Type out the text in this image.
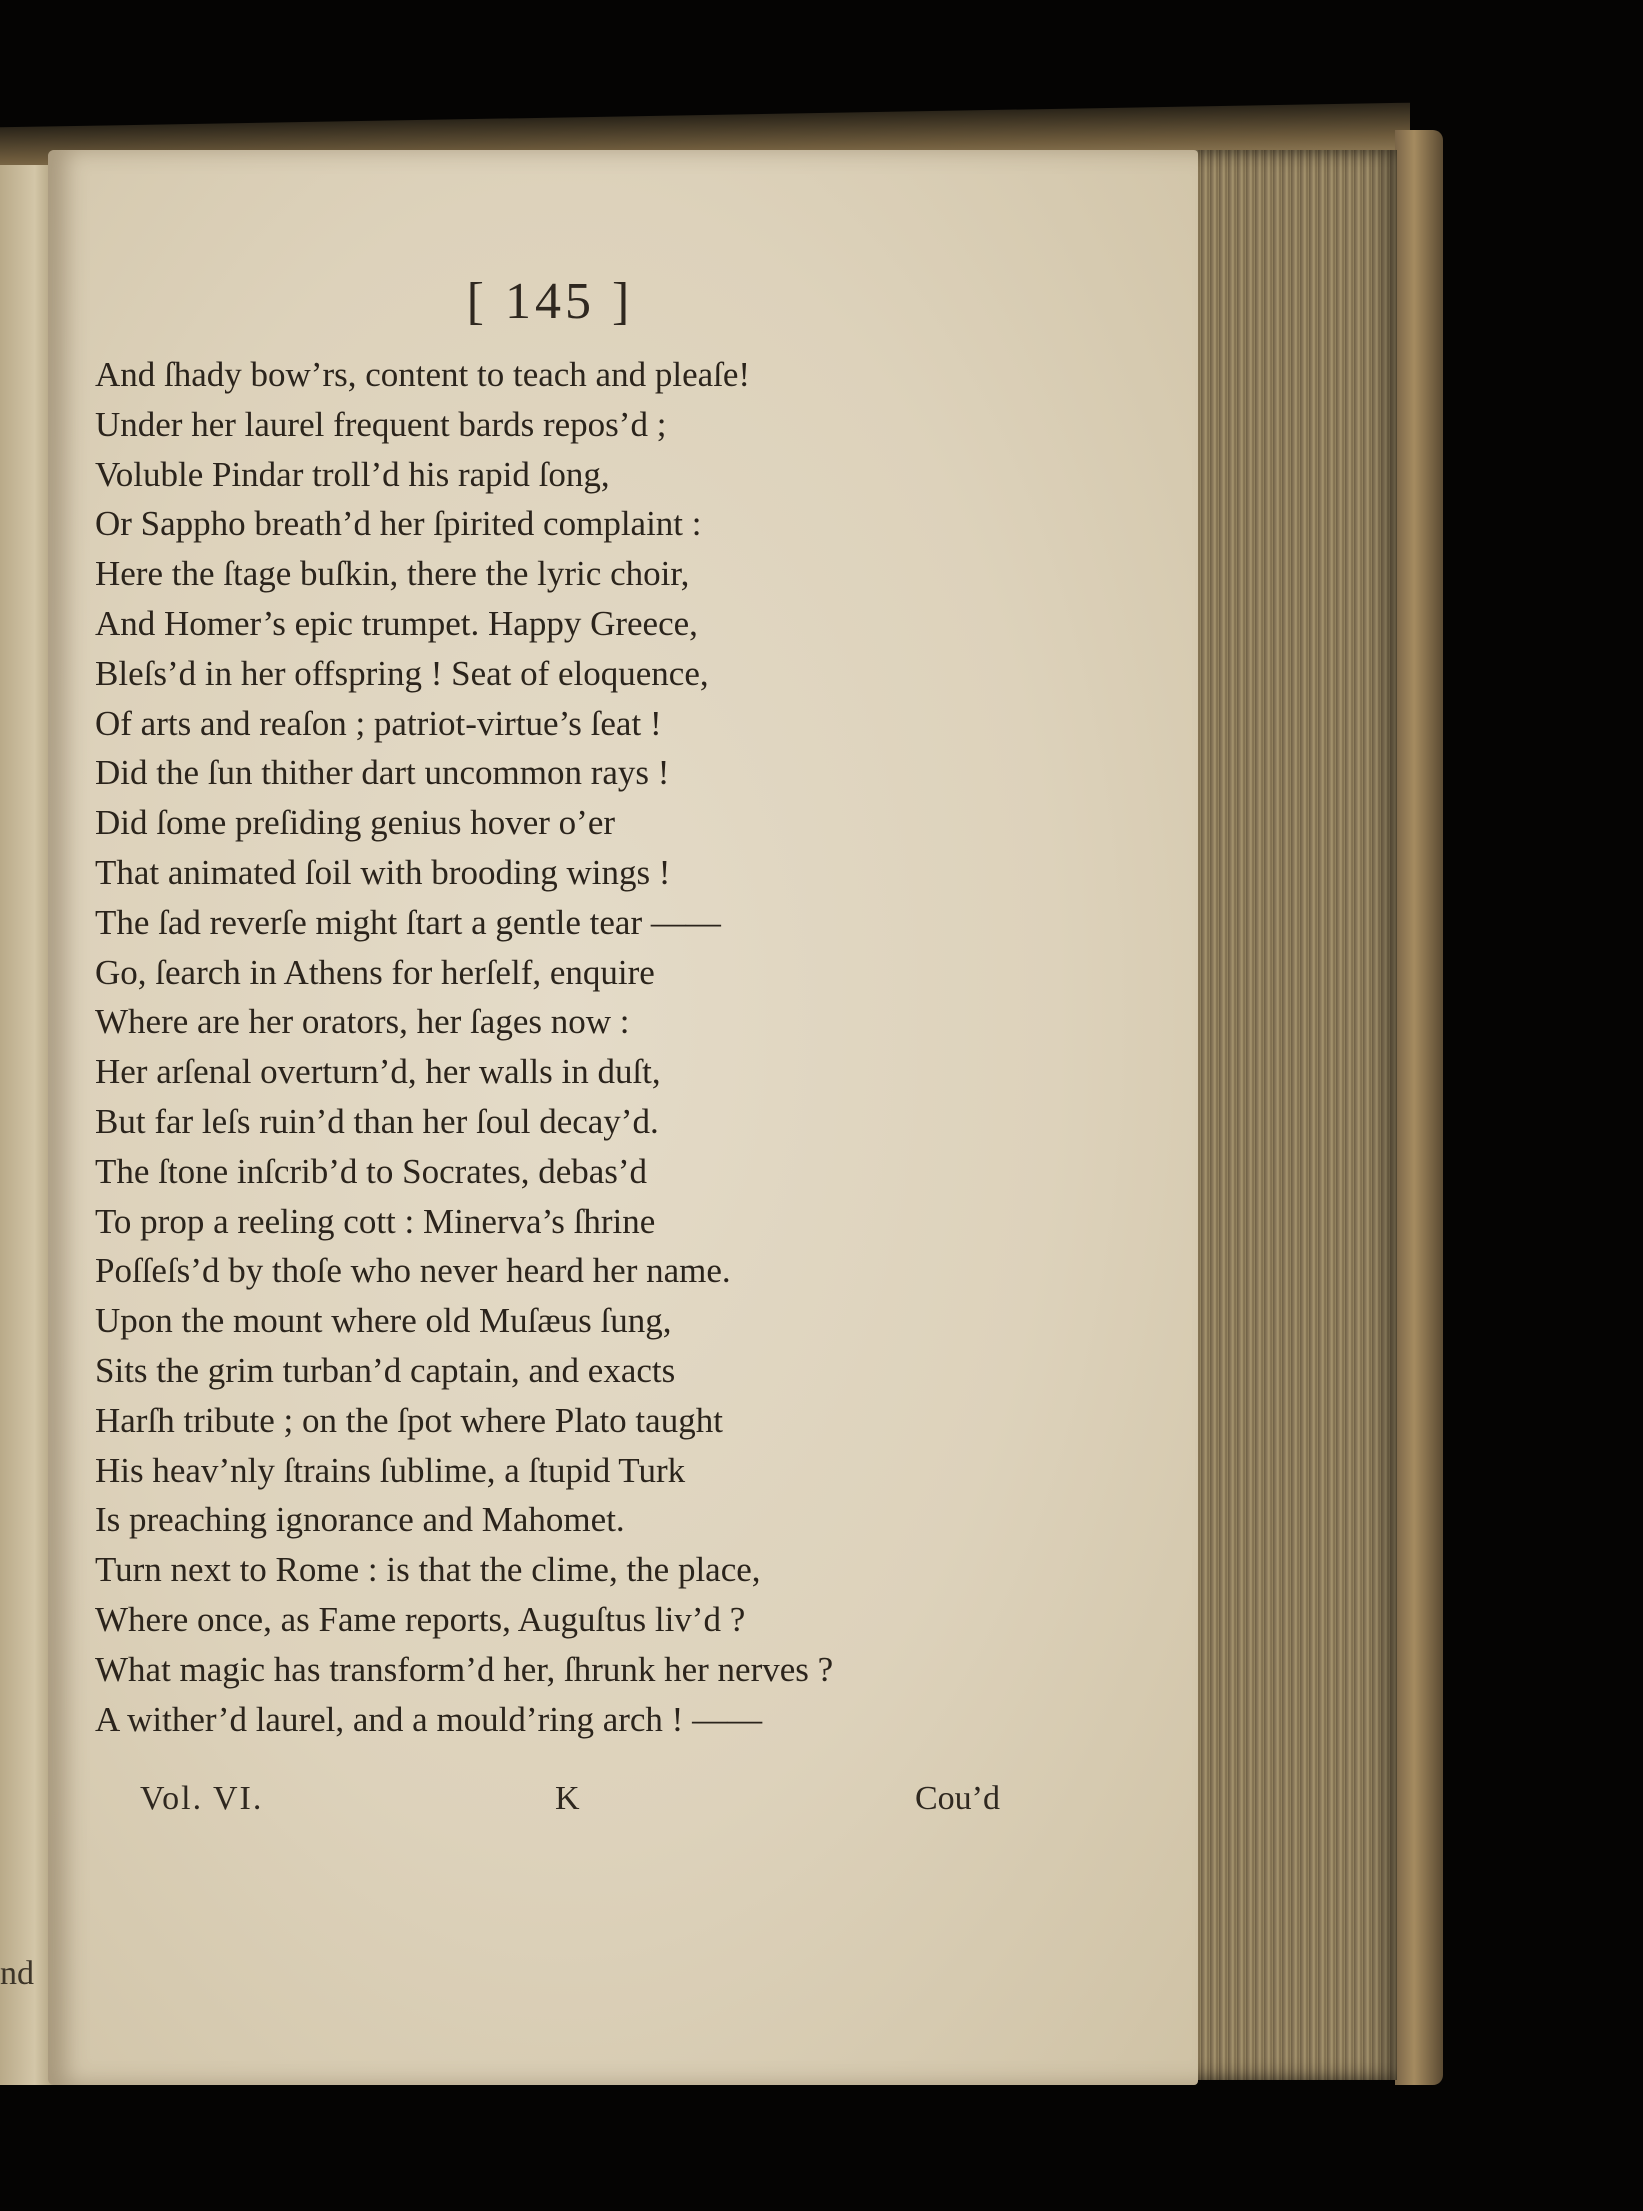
nd
[ 145 ]
And ſhady bow’rs, content to teach and pleaſe!
Under her laurel frequent bards repos’d ;
Voluble Pindar troll’d his rapid ſong,
Or Sappho breath’d her ſpirited complaint :
Here the ſtage buſkin, there the lyric choir,
And Homer’s epic trumpet. Happy Greece,
Bleſs’d in her offspring ! Seat of eloquence,
Of arts and reaſon ; patriot-virtue’s ſeat !
Did the ſun thither dart uncommon rays !
Did ſome preſiding genius hover o’er
That animated ſoil with brooding wings !
The ſad reverſe might ſtart a gentle tear ——
Go, ſearch in Athens for herſelf, enquire
Where are her orators, her ſages now :
Her arſenal overturn’d, her walls in duſt,
But far leſs ruin’d than her ſoul decay’d.
The ſtone inſcrib’d to Socrates, debas’d
To prop a reeling cott : Minerva’s ſhrine
Poſſeſs’d by thoſe who never heard her name.
Upon the mount where old Muſæus ſung,
Sits the grim turban’d captain, and exacts
Harſh tribute ; on the ſpot where Plato taught
His heav’nly ſtrains ſublime, a ſtupid Turk
Is preaching ignorance and Mahomet.
Turn next to Rome : is that the clime, the place,
Where once, as Fame reports, Auguſtus liv’d ?
What magic has transform’d her, ſhrunk her nerves ?
A wither’d laurel, and a mould’ring arch ! ——
Vol. VI.	K	Cou’d
